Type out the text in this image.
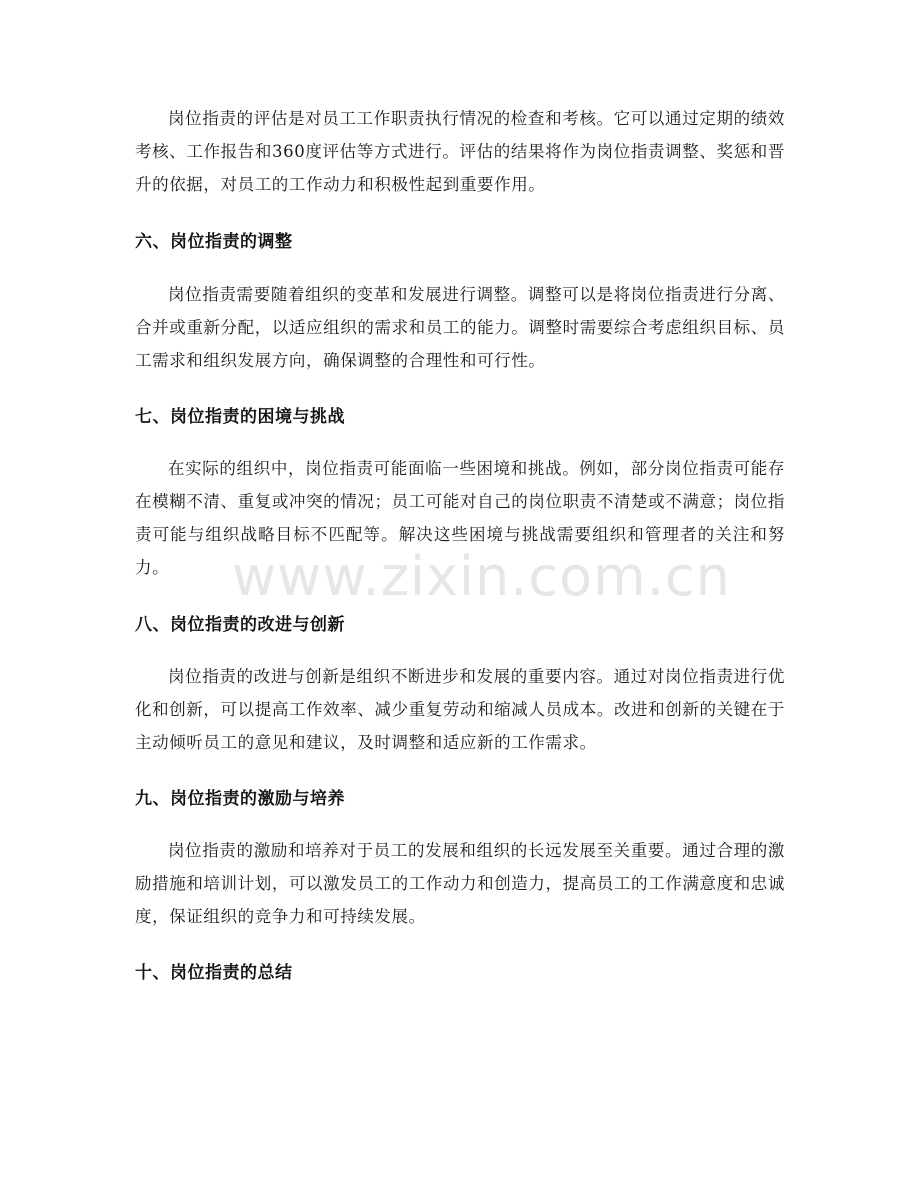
岗位指责的评估是对员工工作职责执行情况的检查和考核。它可以通过定期的绩效考核、工作报告和360度评估等方式进行。评估的结果将作为岗位指责调整、奖惩和晋升的依据，对员工的工作动力和积极性起到重要作用。

六、岗位指责的调整

岗位指责需要随着组织的变革和发展进行调整。调整可以是将岗位指责进行分离、合并或重新分配，以适应组织的需求和员工的能力。调整时需要综合考虑组织目标、员工需求和组织发展方向，确保调整的合理性和可行性。

七、岗位指责的困境与挑战

在实际的组织中，岗位指责可能面临一些困境和挑战。例如，部分岗位指责可能存在模糊不清、重复或冲突的情况；员工可能对自己的岗位职责不清楚或不满意；岗位指责可能与组织战略目标不匹配等。解决这些困境与挑战需要组织和管理者的关注和努力。

八、岗位指责的改进与创新

岗位指责的改进与创新是组织不断进步和发展的重要内容。通过对岗位指责进行优化和创新，可以提高工作效率、减少重复劳动和缩减人员成本。改进和创新的关键在于主动倾听员工的意见和建议，及时调整和适应新的工作需求。

九、岗位指责的激励与培养

岗位指责的激励和培养对于员工的发展和组织的长远发展至关重要。通过合理的激励措施和培训计划，可以激发员工的工作动力和创造力，提高员工的工作满意度和忠诚度，保证组织的竞争力和可持续发展。

十、岗位指责的总结
www.zixin.com.cn
